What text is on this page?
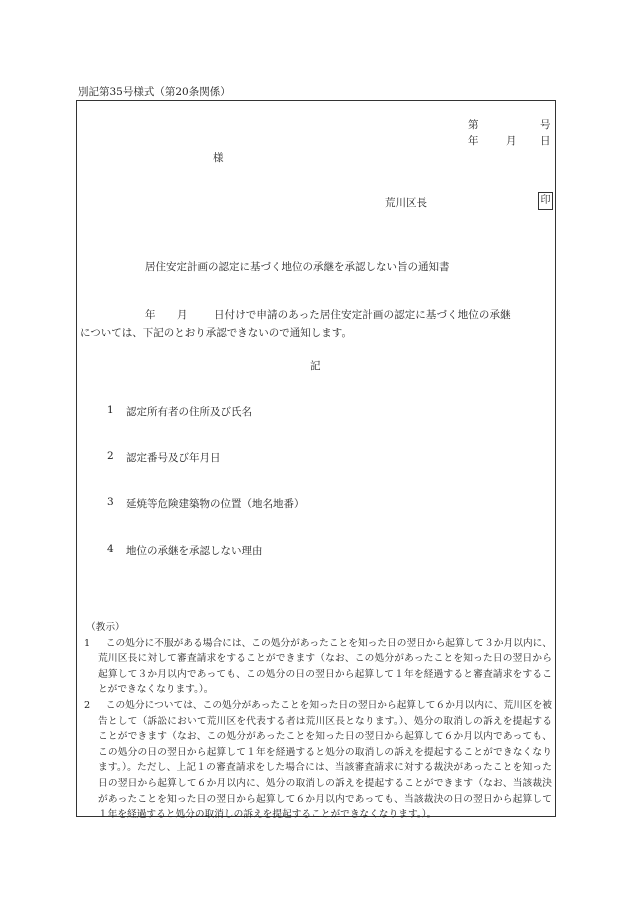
別記第35号様式（第20条関係）
第	号
年	月 日
様
荒川区長	印
居住安定計画の認定に基づく地位の承継を承認しない旨の通知書
年 月	日付けで申請のあった居住安定計画の認定に基づく地位の承継
については、下記のとおり承認できないので通知します。
記
1 認定所有者の住所及び氏名
2 認定番号及び年月日
3 延焼等危険建築物の位置（地名地番）
4 地位の承継を承認しない理由
（教示）
1	この処分に不服がある場合には、この処分があったことを知った日の翌日から起算して３か月以内に、荒川区長に対して審査請求をすることができます（なお、この処分があったことを知った日の翌日から起算して３か月以内であっても、この処分の日の翌日から起算して１年を経過すると審査請求をすることができなくなります。）。
2	この処分については、この処分があったことを知った日の翌日から起算して６か月以内に、荒川区を被告として（訴訟において荒川区を代表する者は荒川区長となります。）、処分の取消しの訴えを提起することができます（なお、この処分があったことを知った日の翌日から起算して６か月以内であっても、この処分の日の翌日から起算して１年を経過すると処分の取消しの訴えを提起することができなくなります。）。ただし、上記１の審査請求をした場合には、当該審査請求に対する裁決があったことを知った日の翌日から起算して６か月以内に、処分の取消しの訴えを提起することができます（なお、当該裁決があったことを知った日の翌日から起算して６か月以内であっても、当該裁決の日の翌日から起算して１年を経過すると処分の取消しの訴えを提起することができなくなります。）。
